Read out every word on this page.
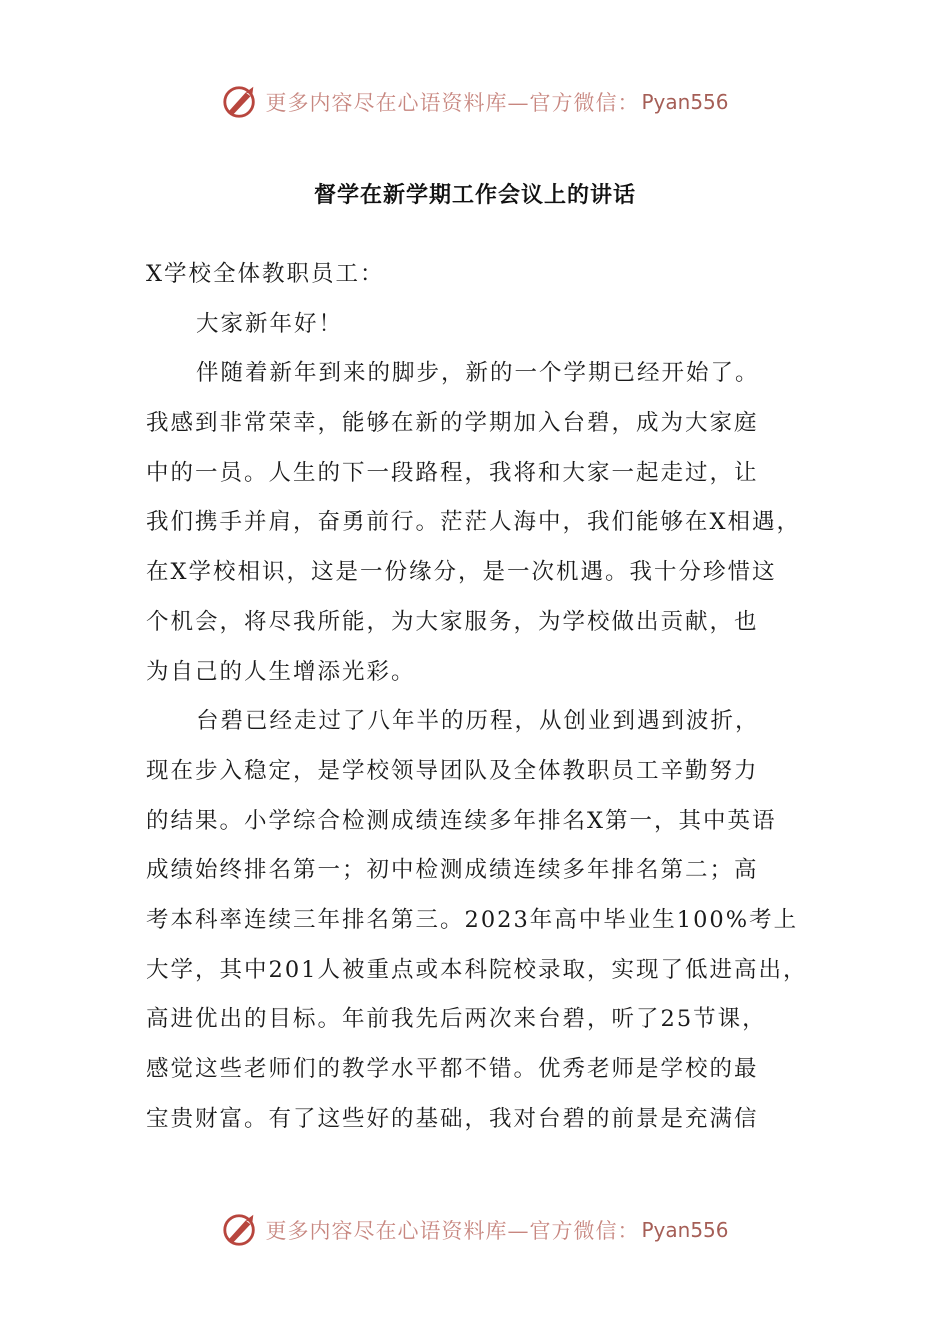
更多内容尽在心语资料库— 官方微信： Pyan556
督学在新学期工作会议上的讲话
X学校全体教职员工：
大家新年好！
伴随着新年到来的脚步，新的一个学期已经开始了。
我感到非常荣幸，能够在新的学期加入台碧，成为大家庭
中的一员。人生的下一段路程，我将和大家一起走过，让
我们携手并肩，奋勇前行。茫茫人海中，我们能够在X相遇，
在X学校相识，这是一份缘分，是一次机遇。我十分珍惜这
个机会，将尽我所能，为大家服务，为学校做出贡献，也
为自己的人生增添光彩。
台碧已经走过了八年半的历程，从创业到遇到波折，
现在步入稳定，是学校领导团队及全体教职员工辛勤努力
的结果。小学综合检测成绩连续多年排名X第一，其中英语
成绩始终排名第一；初中检测成绩连续多年排名第二；高
考本科率连续三年排名第三。2023年高中毕业生100%考上
大学，其中201人被重点或本科院校录取，实现了低进高出，
高进优出的目标。年前我先后两次来台碧，听了25节课，
感觉这些老师们的教学水平都不错。优秀老师是学校的最
宝贵财富。有了这些好的基础，我对台碧的前景是充满信
更多内容尽在心语资料库— 官方微信： Pyan556
